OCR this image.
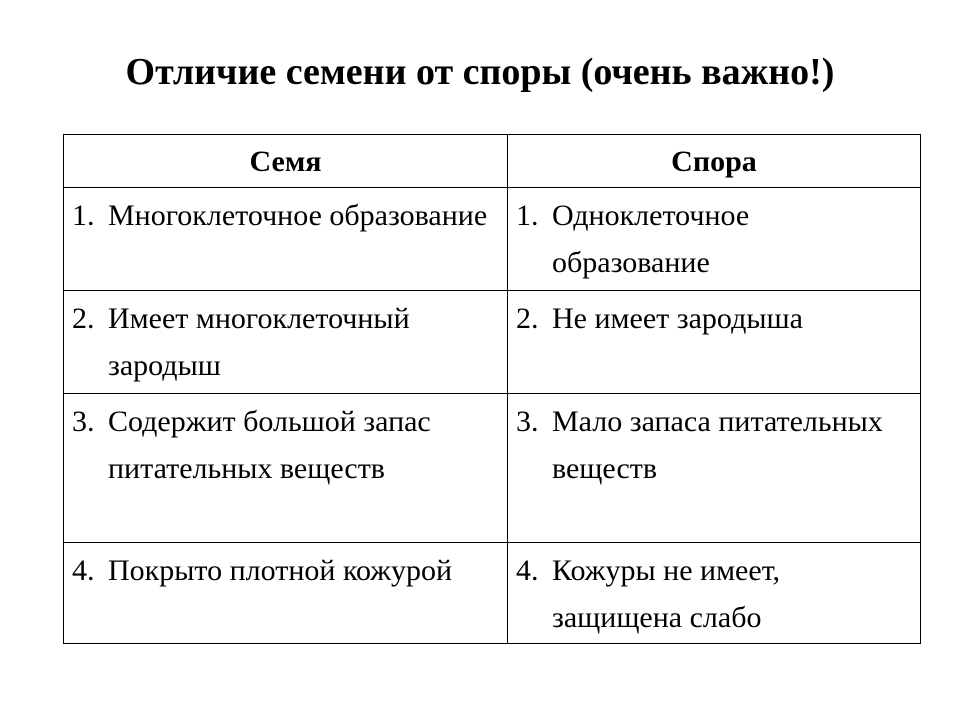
Отличие семени от споры (очень важно!)
Семя	Спора

1. Многоклеточное образование	1. Одноклеточное образование

2. Имеет многоклеточный зародыш	2. Не имеет зародыша

3. Содержит большой запас питательных веществ	3. Мало запаса питательных веществ

4. Покрыто плотной кожурой	4. Кожуры не имеет, защищена слабо
